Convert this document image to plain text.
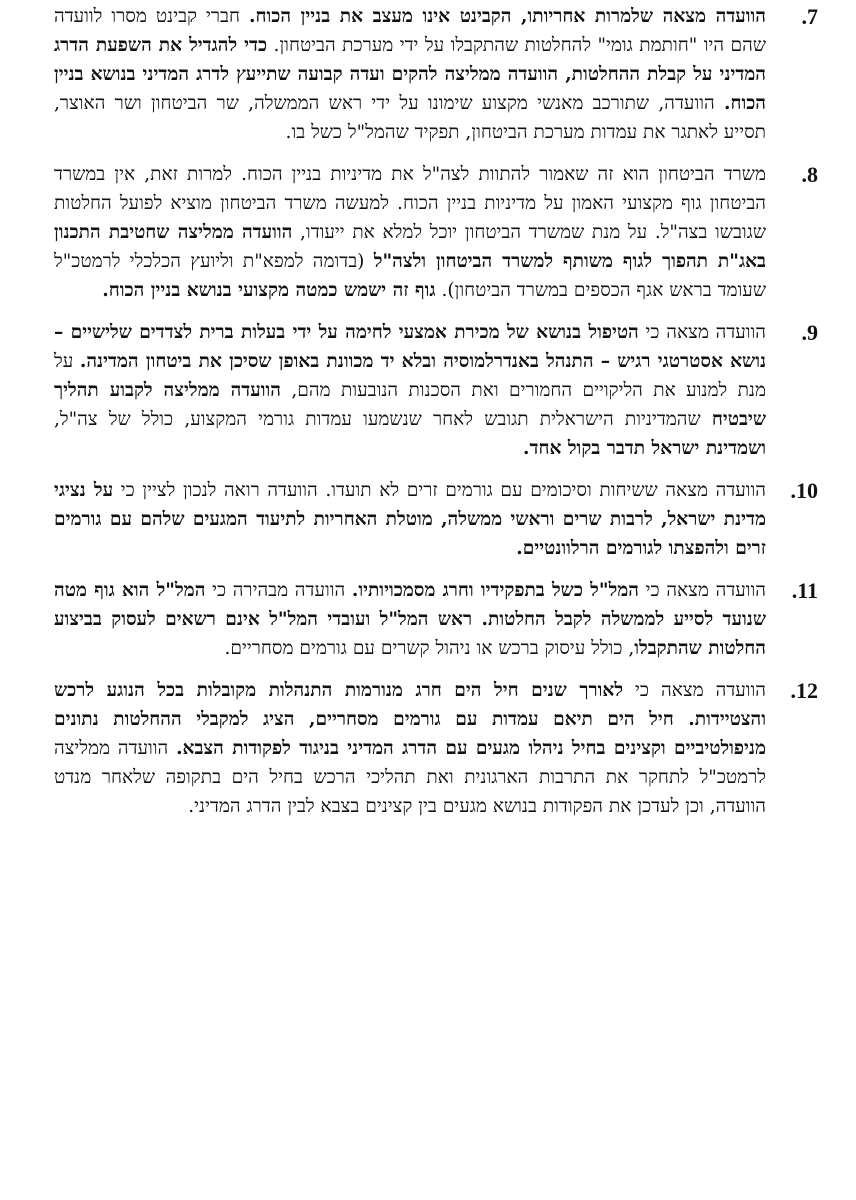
7.
הוועדה מצאה שלמרות אחריותו, הקבינט אינו מעצב את בניין הכוח. חברי קבינט מסרו לוועדה שהם היו "חותמת גומי" להחלטות שהתקבלו על ידי מערכת הביטחון. כדי להגדיל את השפעת הדרג המדיני על קבלת ההחלטות, הוועדה ממליצה להקים ועדה קבועה שתייעץ לדרג המדיני בנושא בניין הכוח. הוועדה, שתורכב מאנשי מקצוע שימונו על ידי ראש הממשלה, שר הביטחון ושר האוצר, תסייע לאתגר את עמדות מערכת הביטחון, תפקיד שהמל"ל כשל בו.

8.
משרד הביטחון הוא זה שאמור להתוות לצה"ל את מדיניות בניין הכוח. למרות זאת, אין במשרד הביטחון גוף מקצועי האמון על מדיניות בניין הכוח. למעשה משרד הביטחון מוציא לפועל החלטות שגובשו בצה"ל. על מנת שמשרד הביטחון יוכל למלא את ייעודו, הוועדה ממליצה שחטיבת התכנון באג"ת תהפוך לגוף משותף למשרד הביטחון ולצה"ל (בדומה למפא"ת וליועץ הכלכלי לרמטכ"ל שעומד בראש אגף הכספים במשרד הביטחון). גוף זה ישמש כמטה מקצועי בנושא בניין הכוח.

9.
הוועדה מצאה כי הטיפול בנושא של מכירת אמצעי לחימה על ידי בעלות ברית לצדדים שלישיים – נושא אסטרטגי רגיש – התנהל באנדרלמוסיה ובלא יד מכוונת באופן שסיכן את ביטחון המדינה. על מנת למנוע את הליקויים החמורים ואת הסכנות הנובעות מהם, הוועדה ממליצה לקבוע תהליך שיבטיח שהמדיניות הישראלית תגובש לאחר שנשמעו עמדות גורמי המקצוע, כולל של צה"ל, ושמדינת ישראל תדבר בקול אחד.

10.
הוועדה מצאה ששיחות וסיכומים עם גורמים זרים לא תועדו. הוועדה רואה לנכון לציין כי על נציגי מדינת ישראל, לרבות שרים וראשי ממשלה, מוטלת האחריות לתיעוד המגעים שלהם עם גורמים זרים ולהפצתו לגורמים הרלוונטיים.

11.
הוועדה מצאה כי המל"ל כשל בתפקידיו וחרג מסמכויותיו. הוועדה מבהירה כי המל"ל הוא גוף מטה שנועד לסייע לממשלה לקבל החלטות. ראש המל"ל ועובדי המל"ל אינם רשאים לעסוק בביצוע החלטות שהתקבלו, כולל עיסוק ברכש או ניהול קשרים עם גורמים מסחריים.

12.
הוועדה מצאה כי לאורך שנים חיל הים חרג מנורמות התנהלות מקובלות בכל הנוגע לרכש והצטיידות. חיל הים תיאם עמדות עם גורמים מסחריים, הציג למקבלי ההחלטות נתונים מניפולטיביים וקצינים בחיל ניהלו מגעים עם הדרג המדיני בניגוד לפקודות הצבא. הוועדה ממליצה לרמטכ"ל לתחקר את התרבות הארגונית ואת תהליכי הרכש בחיל הים בתקופה שלאחר מנדט הוועדה, וכן לעדכן את הפקודות בנושא מגעים בין קצינים בצבא לבין הדרג המדיני.
